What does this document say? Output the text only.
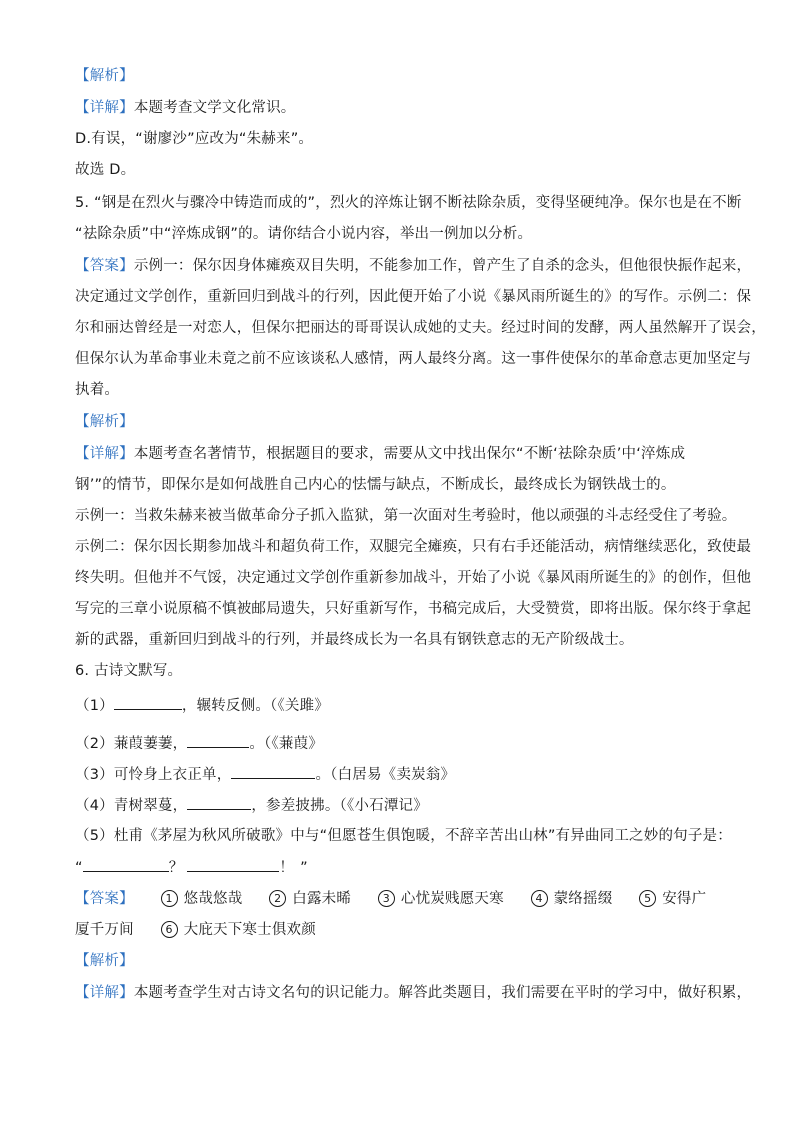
【解析】
【详解】本题考查文学文化常识。
D.有误，“谢廖沙”应改为“朱赫来”。
故选 D。
5. “钢是在烈火与骤冷中铸造而成的”，烈火的淬炼让钢不断祛除杂质，变得坚硬纯净。保尔也是在不断
“祛除杂质”中“淬炼成钢”的。请你结合小说内容，举出一例加以分析。
【答案】示例一：保尔因身体瘫痪双目失明，不能参加工作，曾产生了自杀的念头，但他很快振作起来，
决定通过文学创作，重新回归到战斗的行列，因此便开始了小说《暴风雨所诞生的》的写作。示例二：保
尔和丽达曾经是一对恋人，但保尔把丽达的哥哥误认成她的丈夫。经过时间的发酵，两人虽然解开了误会，
但保尔认为革命事业未竟之前不应该谈私人感情，两人最终分离。这一事件使保尔的革命意志更加坚定与
执着。
【解析】
【详解】本题考查名著情节，根据题目的要求，需要从文中找出保尔“不断‘祛除杂质’中‘淬炼成
钢’”的情节，即保尔是如何战胜自己内心的怯懦与缺点，不断成长，最终成长为钢铁战士的。
示例一：当救朱赫来被当做革命分子抓入监狱，第一次面对生考验时，他以顽强的斗志经受住了考验。
示例二：保尔因长期参加战斗和超负荷工作，双腿完全瘫痪，只有右手还能活动，病情继续恶化，致使最
终失明。但他并不气馁，决定通过文学创作重新参加战斗，开始了小说《暴风雨所诞生的》的创作，但他
写完的三章小说原稿不慎被邮局遗失，只好重新写作，书稿完成后，大受赞赏，即将出版。保尔终于拿起
新的武器，重新回归到战斗的行列，并最终成长为一名具有钢铁意志的无产阶级战士。
6. 古诗文默写。
（1）	，辗转反侧。（《关雎》
（2）蒹葭萋萋，	。（《蒹葭》
（3）可怜身上衣正单，	。（白居易《卖炭翁》
（4）青树翠蔓，	，参差披拂。（《小石潭记》
（5）杜甫《茅屋为秋风所破歌》中与“但愿苍生俱饱暖，不辞辛苦出山林”有异曲同工之妙的句子是：
“	？	！ ”
【答案】	1 悠哉悠哉	2 白露未晞	3 心忧炭贱愿天寒	4 蒙络摇缀	5 安得广
厦千万间	6 大庇天下寒士俱欢颜
【解析】
【详解】本题考查学生对古诗文名句的识记能力。解答此类题目，我们需要在平时的学习中，做好积累，
